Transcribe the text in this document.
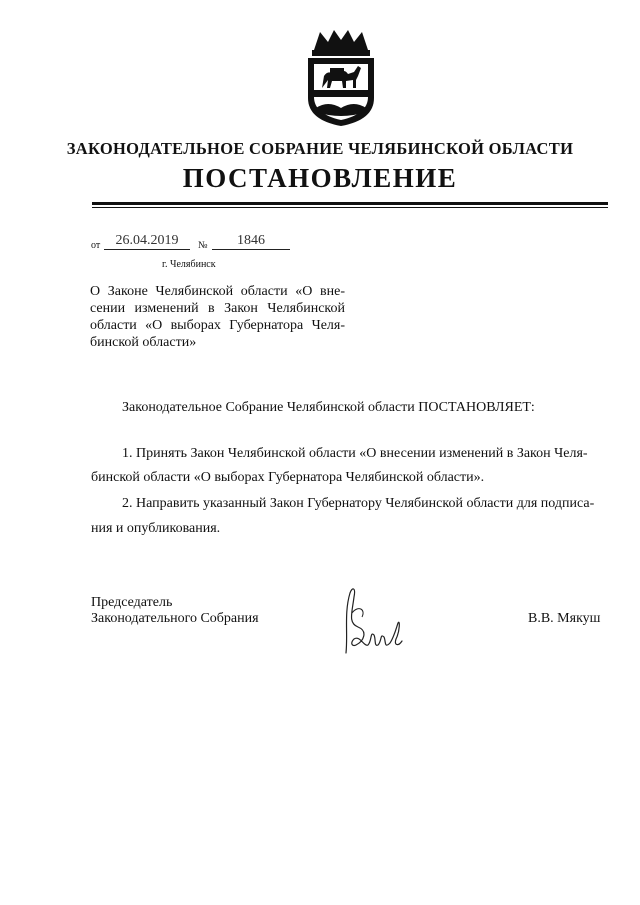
ЗАКОНОДАТЕЛЬНОЕ СОБРАНИЕ ЧЕЛЯБИНСКОЙ ОБЛАСТИ
ПОСТАНОВЛЕНИЕ
от	26.04.2019	№	1846
г. Челябинск
О Законе Челябинской области «О вне-
сении изменений в Закон Челябинской
области «О выборах Губернатора Челя-
бинской области»
Законодательное Собрание Челябинской области ПОСТАНОВЛЯЕТ:
1. Принять Закон Челябинской области «О внесении изменений в Закон Челя-
бинской области «О выборах Губернатора Челябинской области».
2. Направить указанный Закон Губернатору Челябинской области для подписа-
ния и опубликования.
Председатель
Законодательного Собрания	В.В. Мякуш
